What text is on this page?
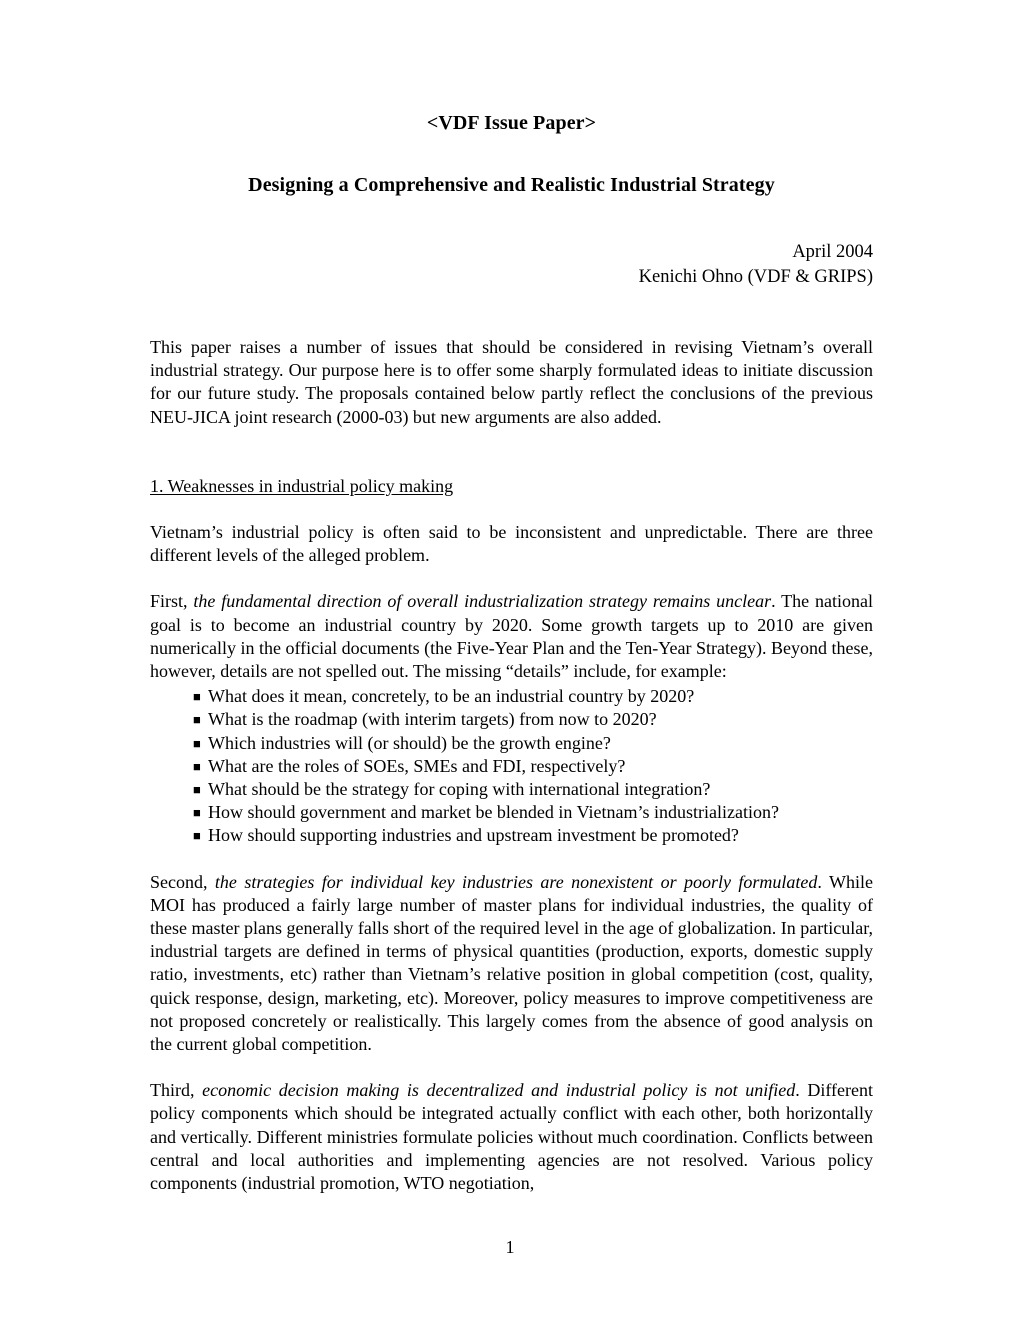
<VDF Issue Paper>
Designing a Comprehensive and Realistic Industrial Strategy
April 2004
Kenichi Ohno (VDF & GRIPS)

This paper raises a number of issues that should be considered in revising Vietnam’s overall industrial strategy. Our purpose here is to offer some sharply formulated ideas to initiate discussion for our future study. The proposals contained below partly reflect the conclusions of the previous NEU-JICA joint research (2000-03) but new arguments are also added.

1. Weaknesses in industrial policy making

Vietnam’s industrial policy is often said to be inconsistent and unpredictable. There are three different levels of the alleged problem.

First, the fundamental direction of overall industrialization strategy remains unclear. The national goal is to become an industrial country by 2020. Some growth targets up to 2010 are given numerically in the official documents (the Five-Year Plan and the Ten-Year Strategy). Beyond these, however, details are not spelled out. The missing “details” include, for example:

■ What does it mean, concretely, to be an industrial country by 2020?
■ What is the roadmap (with interim targets) from now to 2020?
■ Which industries will (or should) be the growth engine?
■ What are the roles of SOEs, SMEs and FDI, respectively?
■ What should be the strategy for coping with international integration?
■ How should government and market be blended in Vietnam’s industrialization?
■ How should supporting industries and upstream investment be promoted?

Second, the strategies for individual key industries are nonexistent or poorly formulated. While MOI has produced a fairly large number of master plans for individual industries, the quality of these master plans generally falls short of the required level in the age of globalization. In particular, industrial targets are defined in terms of physical quantities (production, exports, domestic supply ratio, investments, etc) rather than Vietnam’s relative position in global competition (cost, quality, quick response, design, marketing, etc). Moreover, policy measures to improve competitiveness are not proposed concretely or realistically. This largely comes from the absence of good analysis on the current global competition.

Third, economic decision making is decentralized and industrial policy is not unified. Different policy components which should be integrated actually conflict with each other, both horizontally and vertically. Different ministries formulate policies without much coordination. Conflicts between central and local authorities and implementing agencies are not resolved. Various policy components (industrial promotion, WTO negotiation,

1
